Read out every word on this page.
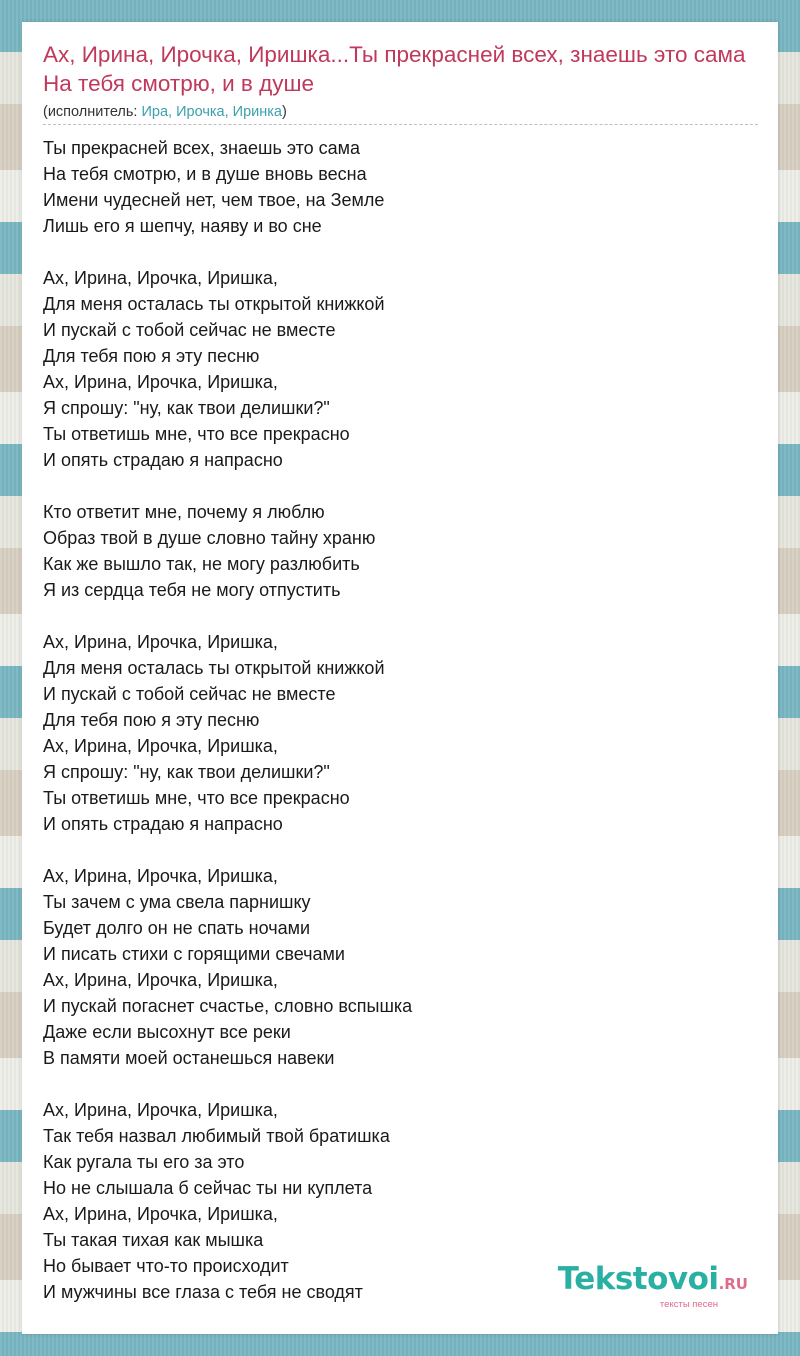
Ах, Ирина, Ирочка, Иришка...Ты прекрасней всех, знаешь это сама На тебя смотрю, и в душе
(исполнитель: Ира, Ирочка, Иринка)
Ты прекрасней всех, знаешь это сама
На тебя смотрю, и в душе вновь весна
Имени чудесней нет, чем твое, на Земле
Лишь его я шепчу, наяву и во сне
Ах, Ирина, Ирочка, Иришка,
Для меня осталась ты открытой книжкой
И пускай с тобой сейчас не вместе
Для тебя пою я эту песню
Ах, Ирина, Ирочка, Иришка,
Я спрошу: "ну, как твои делишки?"
Ты ответишь мне, что все прекрасно
И опять страдаю я напрасно
Кто ответит мне, почему я люблю
Образ твой в душе словно тайну храню
Как же вышло так, не могу разлюбить
Я из сердца тебя не могу отпустить
Ах, Ирина, Ирочка, Иришка,
Для меня осталась ты открытой книжкой
И пускай с тобой сейчас не вместе
Для тебя пою я эту песню
Ах, Ирина, Ирочка, Иришка,
Я спрошу: "ну, как твои делишки?"
Ты ответишь мне, что все прекрасно
И опять страдаю я напрасно
Ах, Ирина, Ирочка, Иришка,
Ты зачем с ума свела парнишку
Будет долго он не спать ночами
И писать стихи с горящими свечами
Ах, Ирина, Ирочка, Иришка,
И пускай погаснет счастье, словно вспышка
Даже если высохнут все реки
В памяти моей останешься навеки
Ах, Ирина, Ирочка, Иришка,
Так тебя назвал любимый твой братишка
Как ругала ты его за это
Но не слышала б сейчас ты ни куплета
Ах, Ирина, Ирочка, Иришка,
Ты такая тихая как мышка
Но бывает что-то происходит
И мужчины все глаза с тебя не сводят	Tekstovoi.RU
тексты песен
